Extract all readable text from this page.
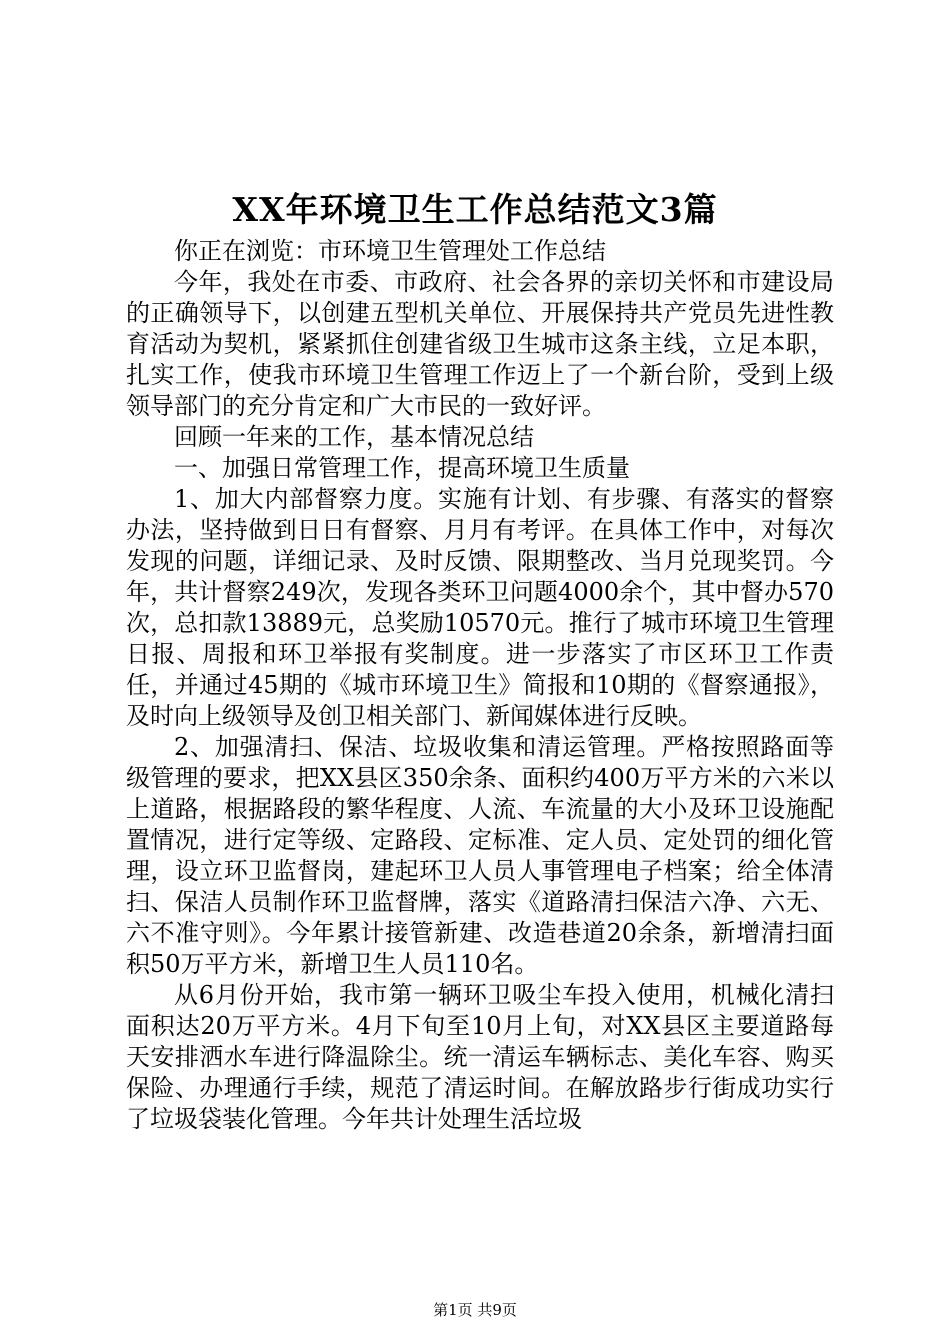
XX年环境卫生工作总结范文3篇

你正在浏览：市环境卫生管理处工作总结

今年，我处在市委、市政府、社会各界的亲切关怀和市建设局的正确领导下，以创建五型机关单位、开展保持共产党员先进性教育活动为契机，紧紧抓住创建省级卫生城市这条主线，立足本职，扎实工作，使我市环境卫生管理工作迈上了一个新台阶，受到上级领导部门的充分肯定和广大市民的一致好评。

回顾一年来的工作，基本情况总结

一、加强日常管理工作，提高环境卫生质量

1、加大内部督察力度。实施有计划、有步骤、有落实的督察办法，坚持做到日日有督察、月月有考评。在具体工作中，对每次发现的问题，详细记录、及时反馈、限期整改、当月兑现奖罚。今年，共计督察249次，发现各类环卫问题4000余个，其中督办570次，总扣款13889元，总奖励10570元。推行了城市环境卫生管理日报、周报和环卫举报有奖制度。进一步落实了市区环卫工作责任，并通过45期的《城市环境卫生》简报和10期的《督察通报》，及时向上级领导及创卫相关部门、新闻媒体进行反映。

2、加强清扫、保洁、垃圾收集和清运管理。严格按照路面等级管理的要求，把XX县区350余条、面积约400万平方米的六米以上道路，根据路段的繁华程度、人流、车流量的大小及环卫设施配置情况，进行定等级、定路段、定标准、定人员、定处罚的细化管理，设立环卫监督岗，建起环卫人员人事管理电子档案；给全体清扫、保洁人员制作环卫监督牌，落实《道路清扫保洁六净、六无、六不准守则》。今年累计接管新建、改造巷道20余条，新增清扫面积50万平方米，新增卫生人员110名。

从6月份开始，我市第一辆环卫吸尘车投入使用，机械化清扫面积达20万平方米。4月下旬至10月上旬，对XX县区主要道路每天安排洒水车进行降温除尘。统一清运车辆标志、美化车容、购买保险、办理通行手续，规范了清运时间。在解放路步行街成功实行了垃圾袋装化管理。今年共计处理生活垃圾

第1页 共9页
